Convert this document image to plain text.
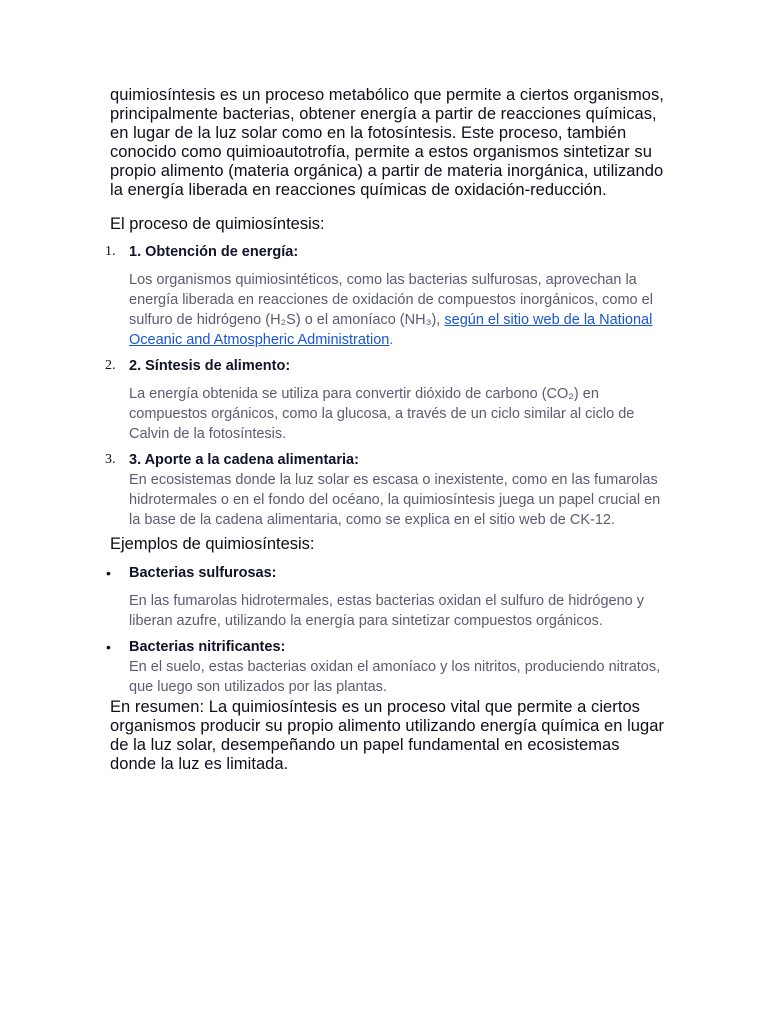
quimiosíntesis es un proceso metabólico que permite a ciertos organismos, principalmente bacterias, obtener energía a partir de reacciones químicas, en lugar de la luz solar como en la fotosíntesis. Este proceso, también conocido como quimioautotrofía, permite a estos organismos sintetizar su propio alimento (materia orgánica) a partir de materia inorgánica, utilizando la energía liberada en reacciones químicas de oxidación-reducción.

El proceso de quimiosíntesis:

1. 1. Obtención de energía:
Los organismos quimiosintéticos, como las bacterias sulfurosas, aprovechan la energía liberada en reacciones de oxidación de compuestos inorgánicos, como el sulfuro de hidrógeno (H₂S) o el amoníaco (NH₃), según el sitio web de la National Oceanic and Atmospheric Administration.
2. 2. Síntesis de alimento:
La energía obtenida se utiliza para convertir dióxido de carbono (CO₂) en compuestos orgánicos, como la glucosa, a través de un ciclo similar al ciclo de Calvin de la fotosíntesis.
3. 3. Aporte a la cadena alimentaria:
En ecosistemas donde la luz solar es escasa o inexistente, como en las fumarolas hidrotermales o en el fondo del océano, la quimiosíntesis juega un papel crucial en la base de la cadena alimentaria, como se explica en el sitio web de CK-12.

Ejemplos de quimiosíntesis:

• Bacterias sulfurosas:
En las fumarolas hidrotermales, estas bacterias oxidan el sulfuro de hidrógeno y liberan azufre, utilizando la energía para sintetizar compuestos orgánicos.
• Bacterias nitrificantes:
En el suelo, estas bacterias oxidan el amoníaco y los nitritos, produciendo nitratos, que luego son utilizados por las plantas.

En resumen: La quimiosíntesis es un proceso vital que permite a ciertos organismos producir su propio alimento utilizando energía química en lugar de la luz solar, desempeñando un papel fundamental en ecosistemas donde la luz es limitada.
